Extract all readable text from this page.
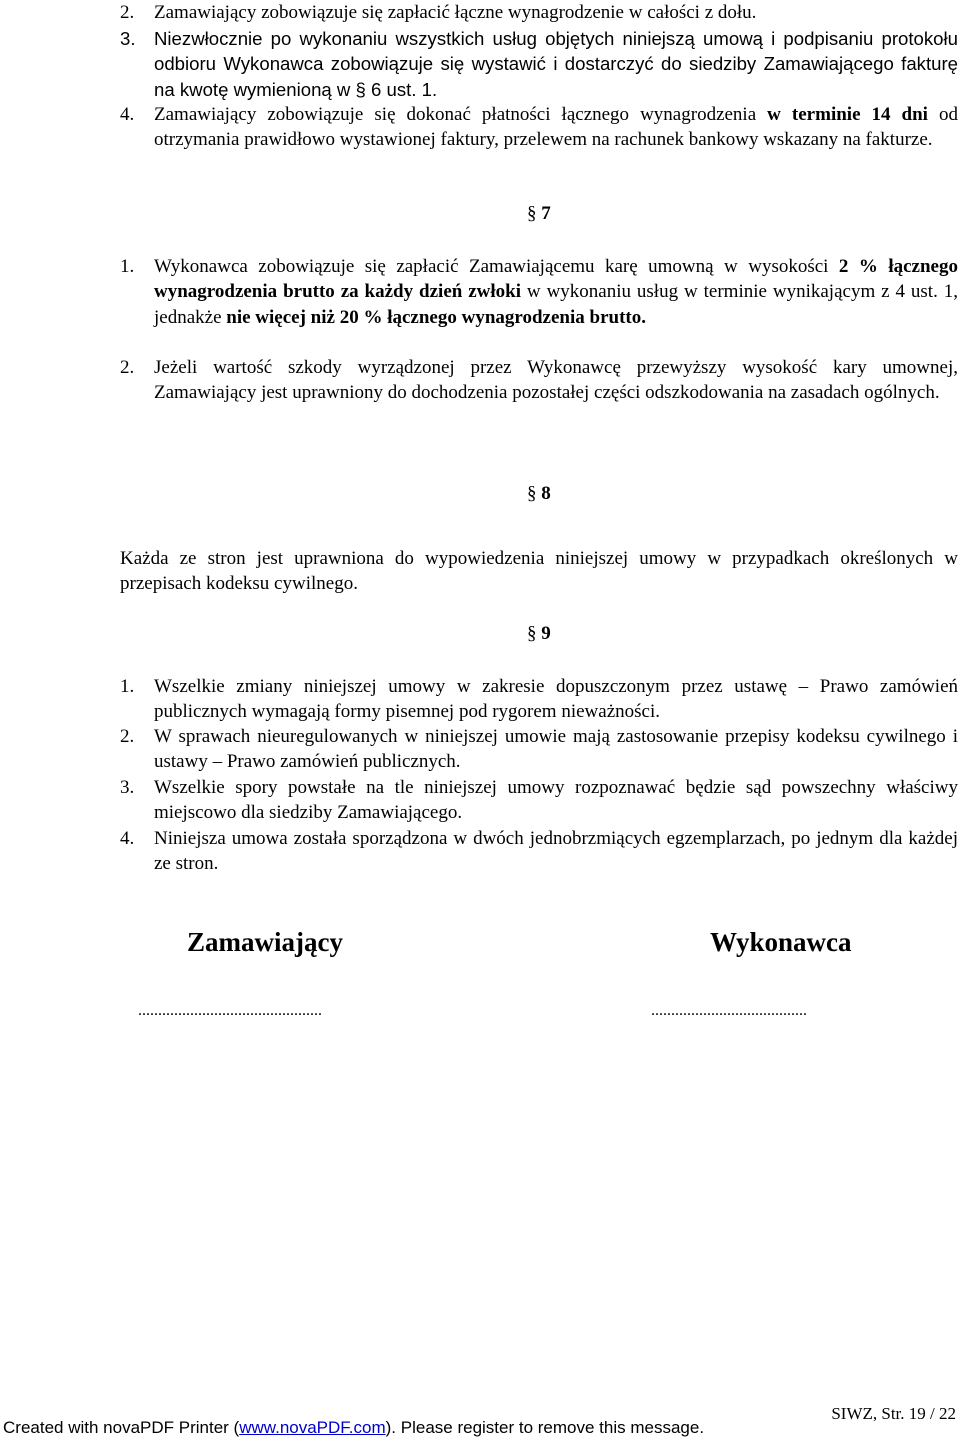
2. Zamawiający zobowiązuje się zapłacić łączne wynagrodzenie w całości z dołu.
3. Niezwłocznie po wykonaniu wszystkich usług objętych niniejszą umową i podpisaniu protokołu odbioru Wykonawca zobowiązuje się wystawić i dostarczyć do siedziby Zamawiającego fakturę na kwotę wymienioną w § 6 ust. 1.
4. Zamawiający zobowiązuje się dokonać płatności łącznego wynagrodzenia w terminie 14 dni od otrzymania prawidłowo wystawionej faktury, przelewem na rachunek bankowy wskazany na fakturze.
§ 7
1. Wykonawca zobowiązuje się zapłacić Zamawiającemu karę umowną w wysokości 2 % łącznego wynagrodzenia brutto za każdy dzień zwłoki w wykonaniu usług w terminie wynikającym z 4 ust. 1, jednakże nie więcej niż 20 % łącznego wynagrodzenia brutto.
2. Jeżeli wartość szkody wyrządzonej przez Wykonawcę przewyższy wysokość kary umownej, Zamawiający jest uprawniony do dochodzenia pozostałej części odszkodowania na zasadach ogólnych.
§ 8
Każda ze stron jest uprawniona do wypowiedzenia niniejszej umowy w przypadkach określonych w przepisach kodeksu cywilnego.
§ 9
1. Wszelkie zmiany niniejszej umowy w zakresie dopuszczonym przez ustawę – Prawo zamówień publicznych wymagają formy pisemnej pod rygorem nieważności.
2. W sprawach nieuregulowanych w niniejszej umowie mają zastosowanie przepisy kodeksu cywilnego i ustawy – Prawo zamówień publicznych.
3. Wszelkie spory powstałe na tle niniejszej umowy rozpoznawać będzie sąd powszechny właściwy miejscowo dla siedziby Zamawiającego.
4. Niniejsza umowa została sporządzona w dwóch jednobrzmiących egzemplarzach, po jednym dla każdej ze stron.
Zamawiający	Wykonawca
..............................................	.......................................
SIWZ, Str. 19 / 22
Created with novaPDF Printer (www.novaPDF.com). Please register to remove this message.
